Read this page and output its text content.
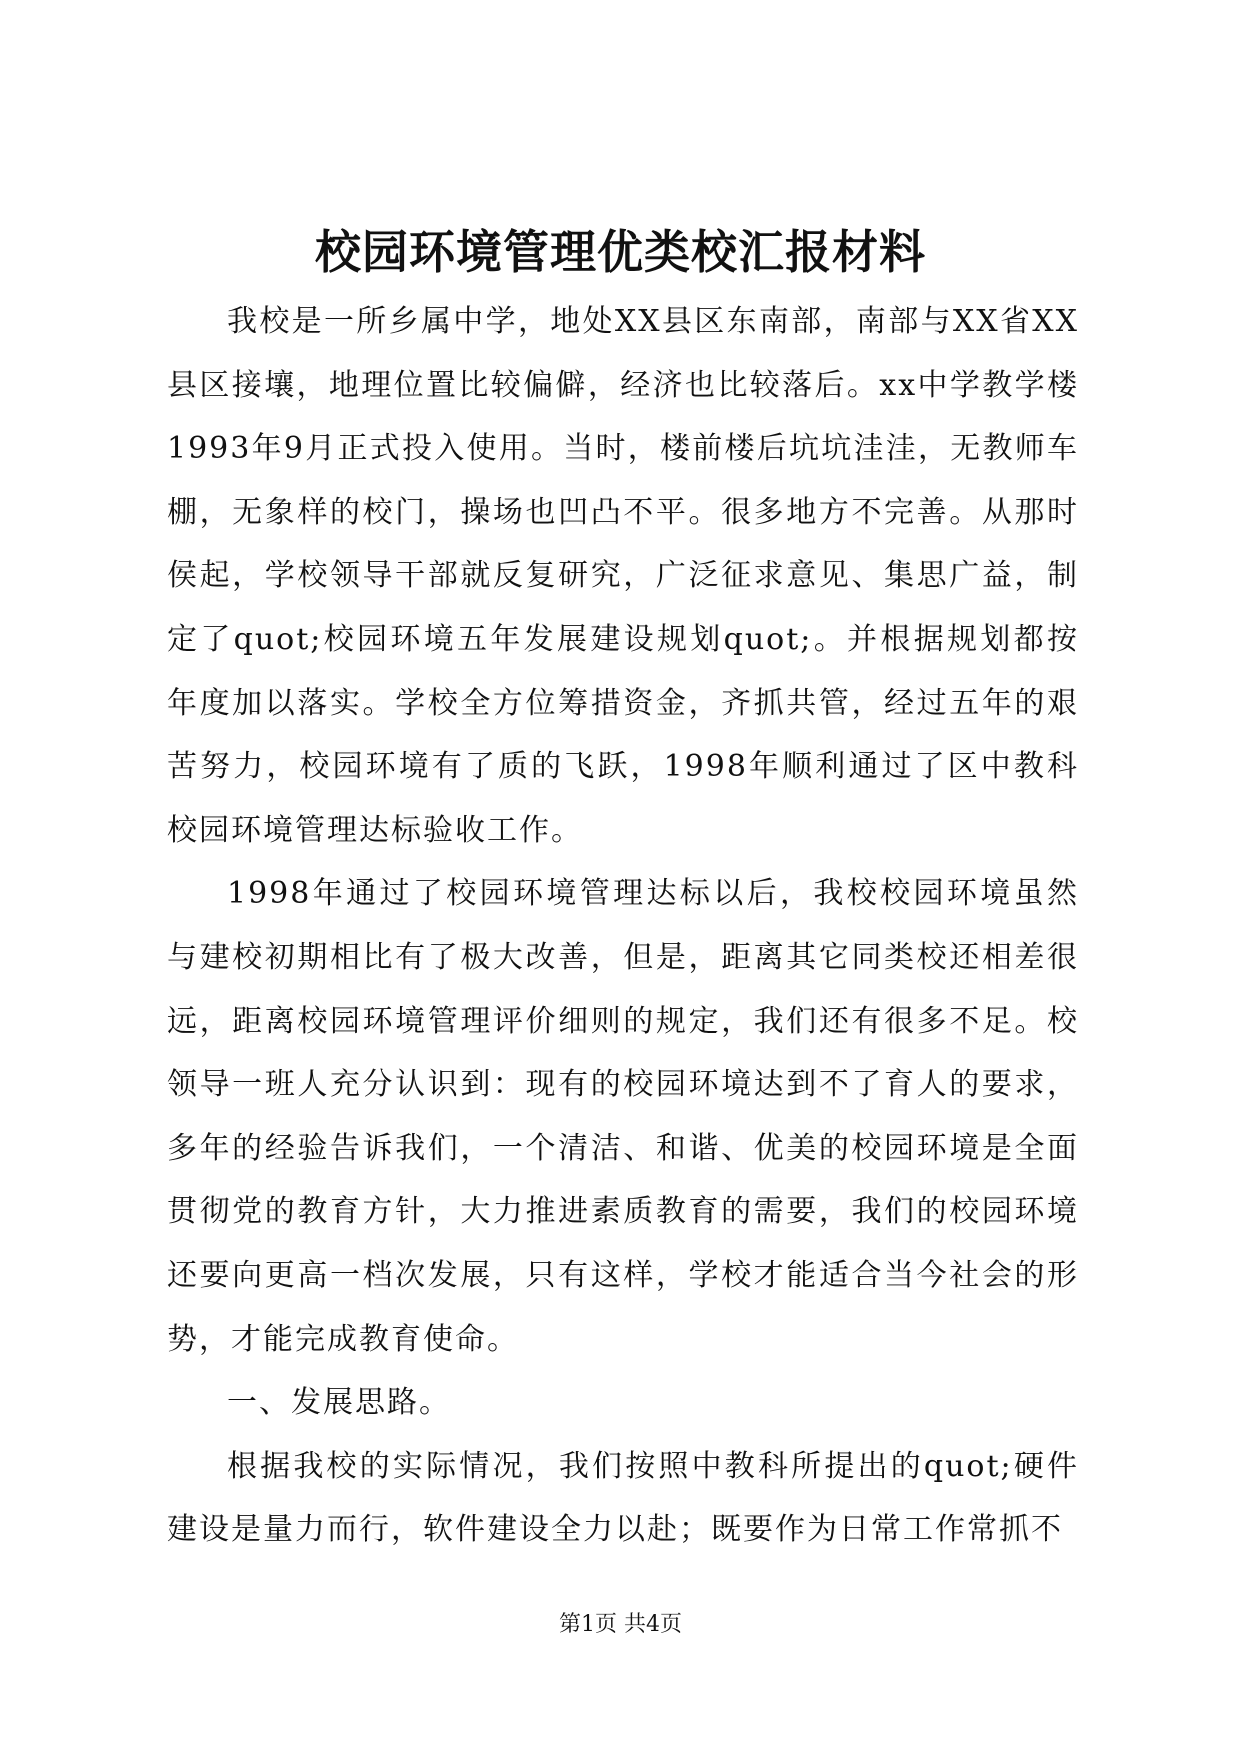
校园环境管理优类校汇报材料

我校是一所乡属中学，地处XX县区东南部，南部与XX省XX县区接壤，地理位置比较偏僻，经济也比较落后。xx中学教学楼1993年9月正式投入使用。当时，楼前楼后坑坑洼洼，无教师车棚，无象样的校门，操场也凹凸不平。很多地方不完善。从那时侯起，学校领导干部就反复研究，广泛征求意见、集思广益，制定了quot;校园环境五年发展建设规划quot;。并根据规划都按年度加以落实。学校全方位筹措资金，齐抓共管，经过五年的艰苦努力，校园环境有了质的飞跃，1998年顺利通过了区中教科校园环境管理达标验收工作。

1998年通过了校园环境管理达标以后，我校校园环境虽然与建校初期相比有了极大改善，但是，距离其它同类校还相差很远，距离校园环境管理评价细则的规定，我们还有很多不足。校领导一班人充分认识到：现有的校园环境达到不了育人的要求，多年的经验告诉我们，一个清洁、和谐、优美的校园环境是全面贯彻党的教育方针，大力推进素质教育的需要，我们的校园环境还要向更高一档次发展，只有这样，学校才能适合当今社会的形势，才能完成教育使命。

一、发展思路。

根据我校的实际情况，我们按照中教科所提出的quot;硬件建设是量力而行，软件建设全力以赴；既要作为日常工作常抓不

第1页 共4页
